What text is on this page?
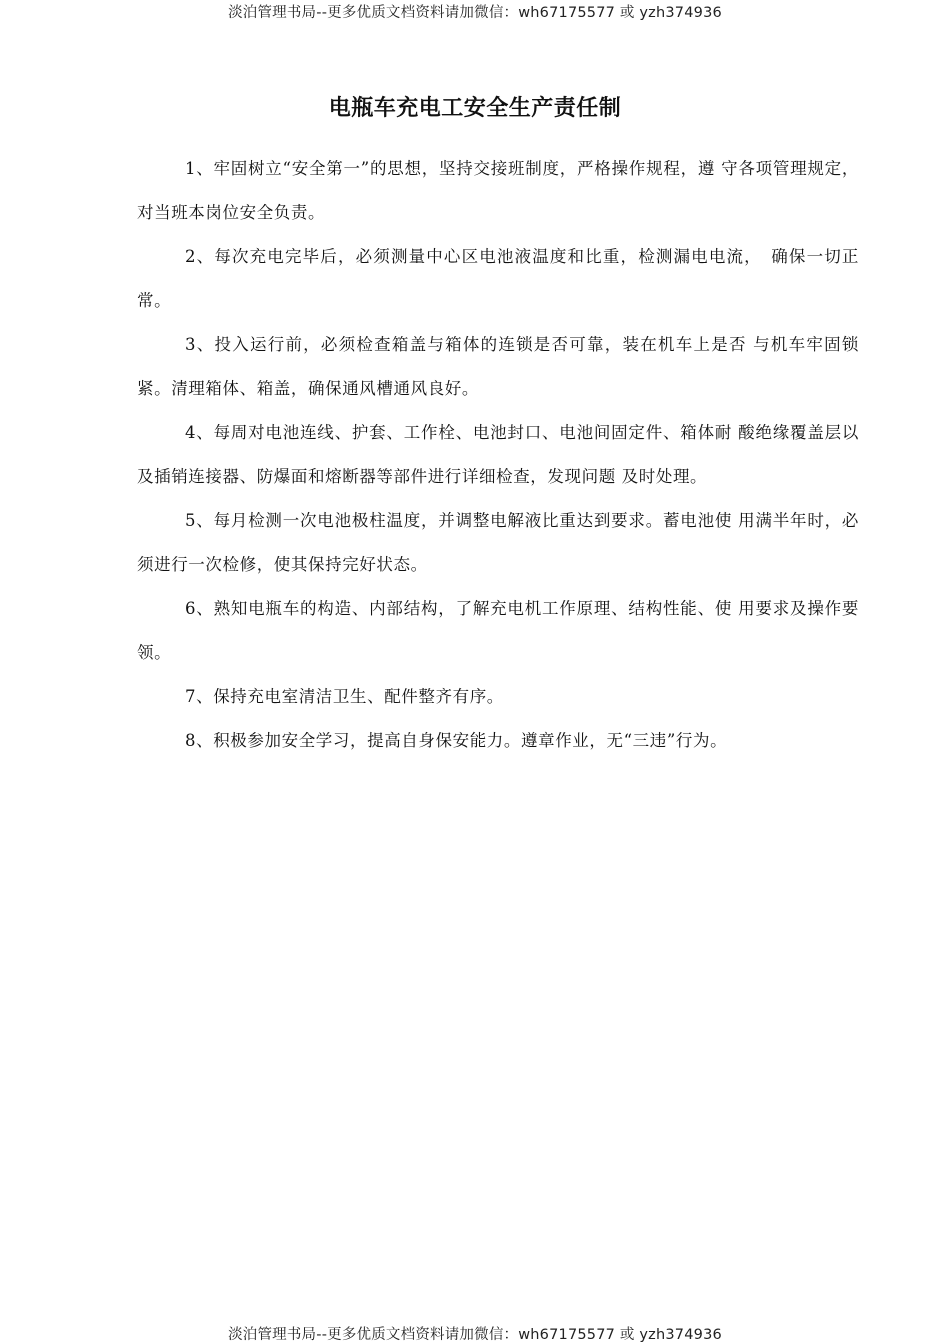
淡泊管理书局--更多优质文档资料请加微信：wh67175577 或 yzh374936
电瓶车充电工安全生产责任制

1、牢固树立“安全第一”的思想，坚持交接班制度，严格操作规程，遵 守各项管理规定，对当班本岗位安全负责。

2、每次充电完毕后，必须测量中心区电池液温度和比重，检测漏电电流，　确保一切正常。

3、投入运行前，必须检查箱盖与箱体的连锁是否可靠，装在机车上是否 与机车牢固锁紧。清理箱体、箱盖，确保通风槽通风良好。

4、每周对电池连线、护套、工作栓、电池封口、电池间固定件、箱体耐 酸绝缘覆盖层以及插销连接器、防爆面和熔断器等部件进行详细检查，发现问题 及时处理。

5、每月检测一次电池极柱温度，并调整电解液比重达到要求。蓄电池使 用满半年时，必须进行一次检修，使其保持完好状态。

6、熟知电瓶车的构造、内部结构，了解充电机工作原理、结构性能、使 用要求及操作要领。

7、保持充电室清洁卫生、配件整齐有序。

8、积极参加安全学习，提高自身保安能力。遵章作业，无“三违”行为。

淡泊管理书局--更多优质文档资料请加微信：wh67175577 或 yzh374936
